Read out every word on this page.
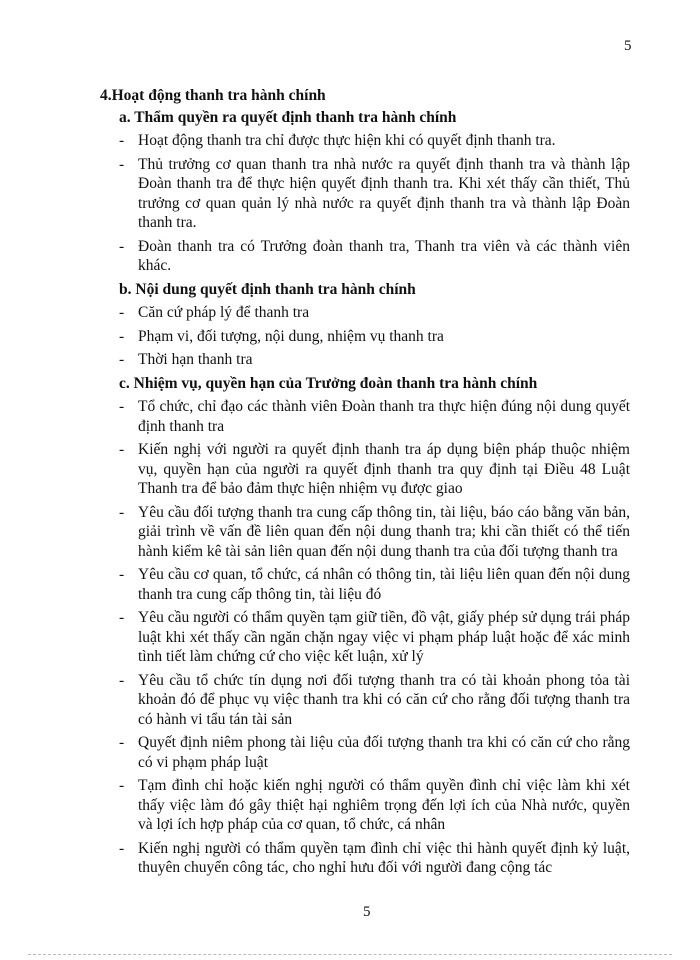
5
4.Hoạt động thanh tra hành chính
a. Thẩm quyền ra quyết định thanh tra hành chính
- Hoạt động thanh tra chỉ được thực hiện khi có quyết định thanh tra.
- Thủ trưởng cơ quan thanh tra nhà nước ra quyết định thanh tra và thành lập Đoàn thanh tra để thực hiện quyết định thanh tra. Khi xét thấy cần thiết, Thủ trưởng cơ quan quản lý nhà nước ra quyết định thanh tra và thành lập Đoàn thanh tra.
- Đoàn thanh tra có Trưởng đoàn thanh tra, Thanh tra viên và các thành viên khác.
b. Nội dung quyết định thanh tra hành chính
- Căn cứ pháp lý để thanh tra
- Phạm vi, đối tượng, nội dung, nhiệm vụ thanh tra
- Thời hạn thanh tra
c. Nhiệm vụ, quyền hạn của Trưởng đoàn thanh tra hành chính
- Tổ chức, chỉ đạo các thành viên Đoàn thanh tra thực hiện đúng nội dung quyết định thanh tra
- Kiến nghị với người ra quyết định thanh tra áp dụng biện pháp thuộc nhiệm vụ, quyền hạn của người ra quyết định thanh tra quy định tại Điều 48 Luật Thanh tra để bảo đảm thực hiện nhiệm vụ được giao
- Yêu cầu đối tượng thanh tra cung cấp thông tin, tài liệu, báo cáo bằng văn bản, giải trình về vấn đề liên quan đến nội dung thanh tra; khi cần thiết có thể tiến hành kiểm kê tài sản liên quan đến nội dung thanh tra của đối tượng thanh tra
- Yêu cầu cơ quan, tổ chức, cá nhân có thông tin, tài liệu liên quan đến nội dung thanh tra cung cấp thông tin, tài liệu đó
- Yêu cầu người có thẩm quyền tạm giữ tiền, đồ vật, giấy phép sử dụng trái pháp luật khi xét thấy cần ngăn chặn ngay việc vi phạm pháp luật hoặc để xác minh tình tiết làm chứng cứ cho việc kết luận, xử lý
- Yêu cầu tổ chức tín dụng nơi đối tượng thanh tra có tài khoản phong tỏa tài khoản đó để phục vụ việc thanh tra khi có căn cứ cho rằng đối tượng thanh tra có hành vi tẩu tán tài sản
- Quyết định niêm phong tài liệu của đối tượng thanh tra khi có căn cứ cho rằng có vi phạm pháp luật
- Tạm đình chỉ hoặc kiến nghị người có thẩm quyền đình chỉ việc làm khi xét thấy việc làm đó gây thiệt hại nghiêm trọng đến lợi ích của Nhà nước, quyền và lợi ích hợp pháp của cơ quan, tổ chức, cá nhân
- Kiến nghị người có thẩm quyền tạm đình chỉ việc thi hành quyết định kỷ luật, thuyên chuyển công tác, cho nghỉ hưu đối với người đang cộng tác
5
